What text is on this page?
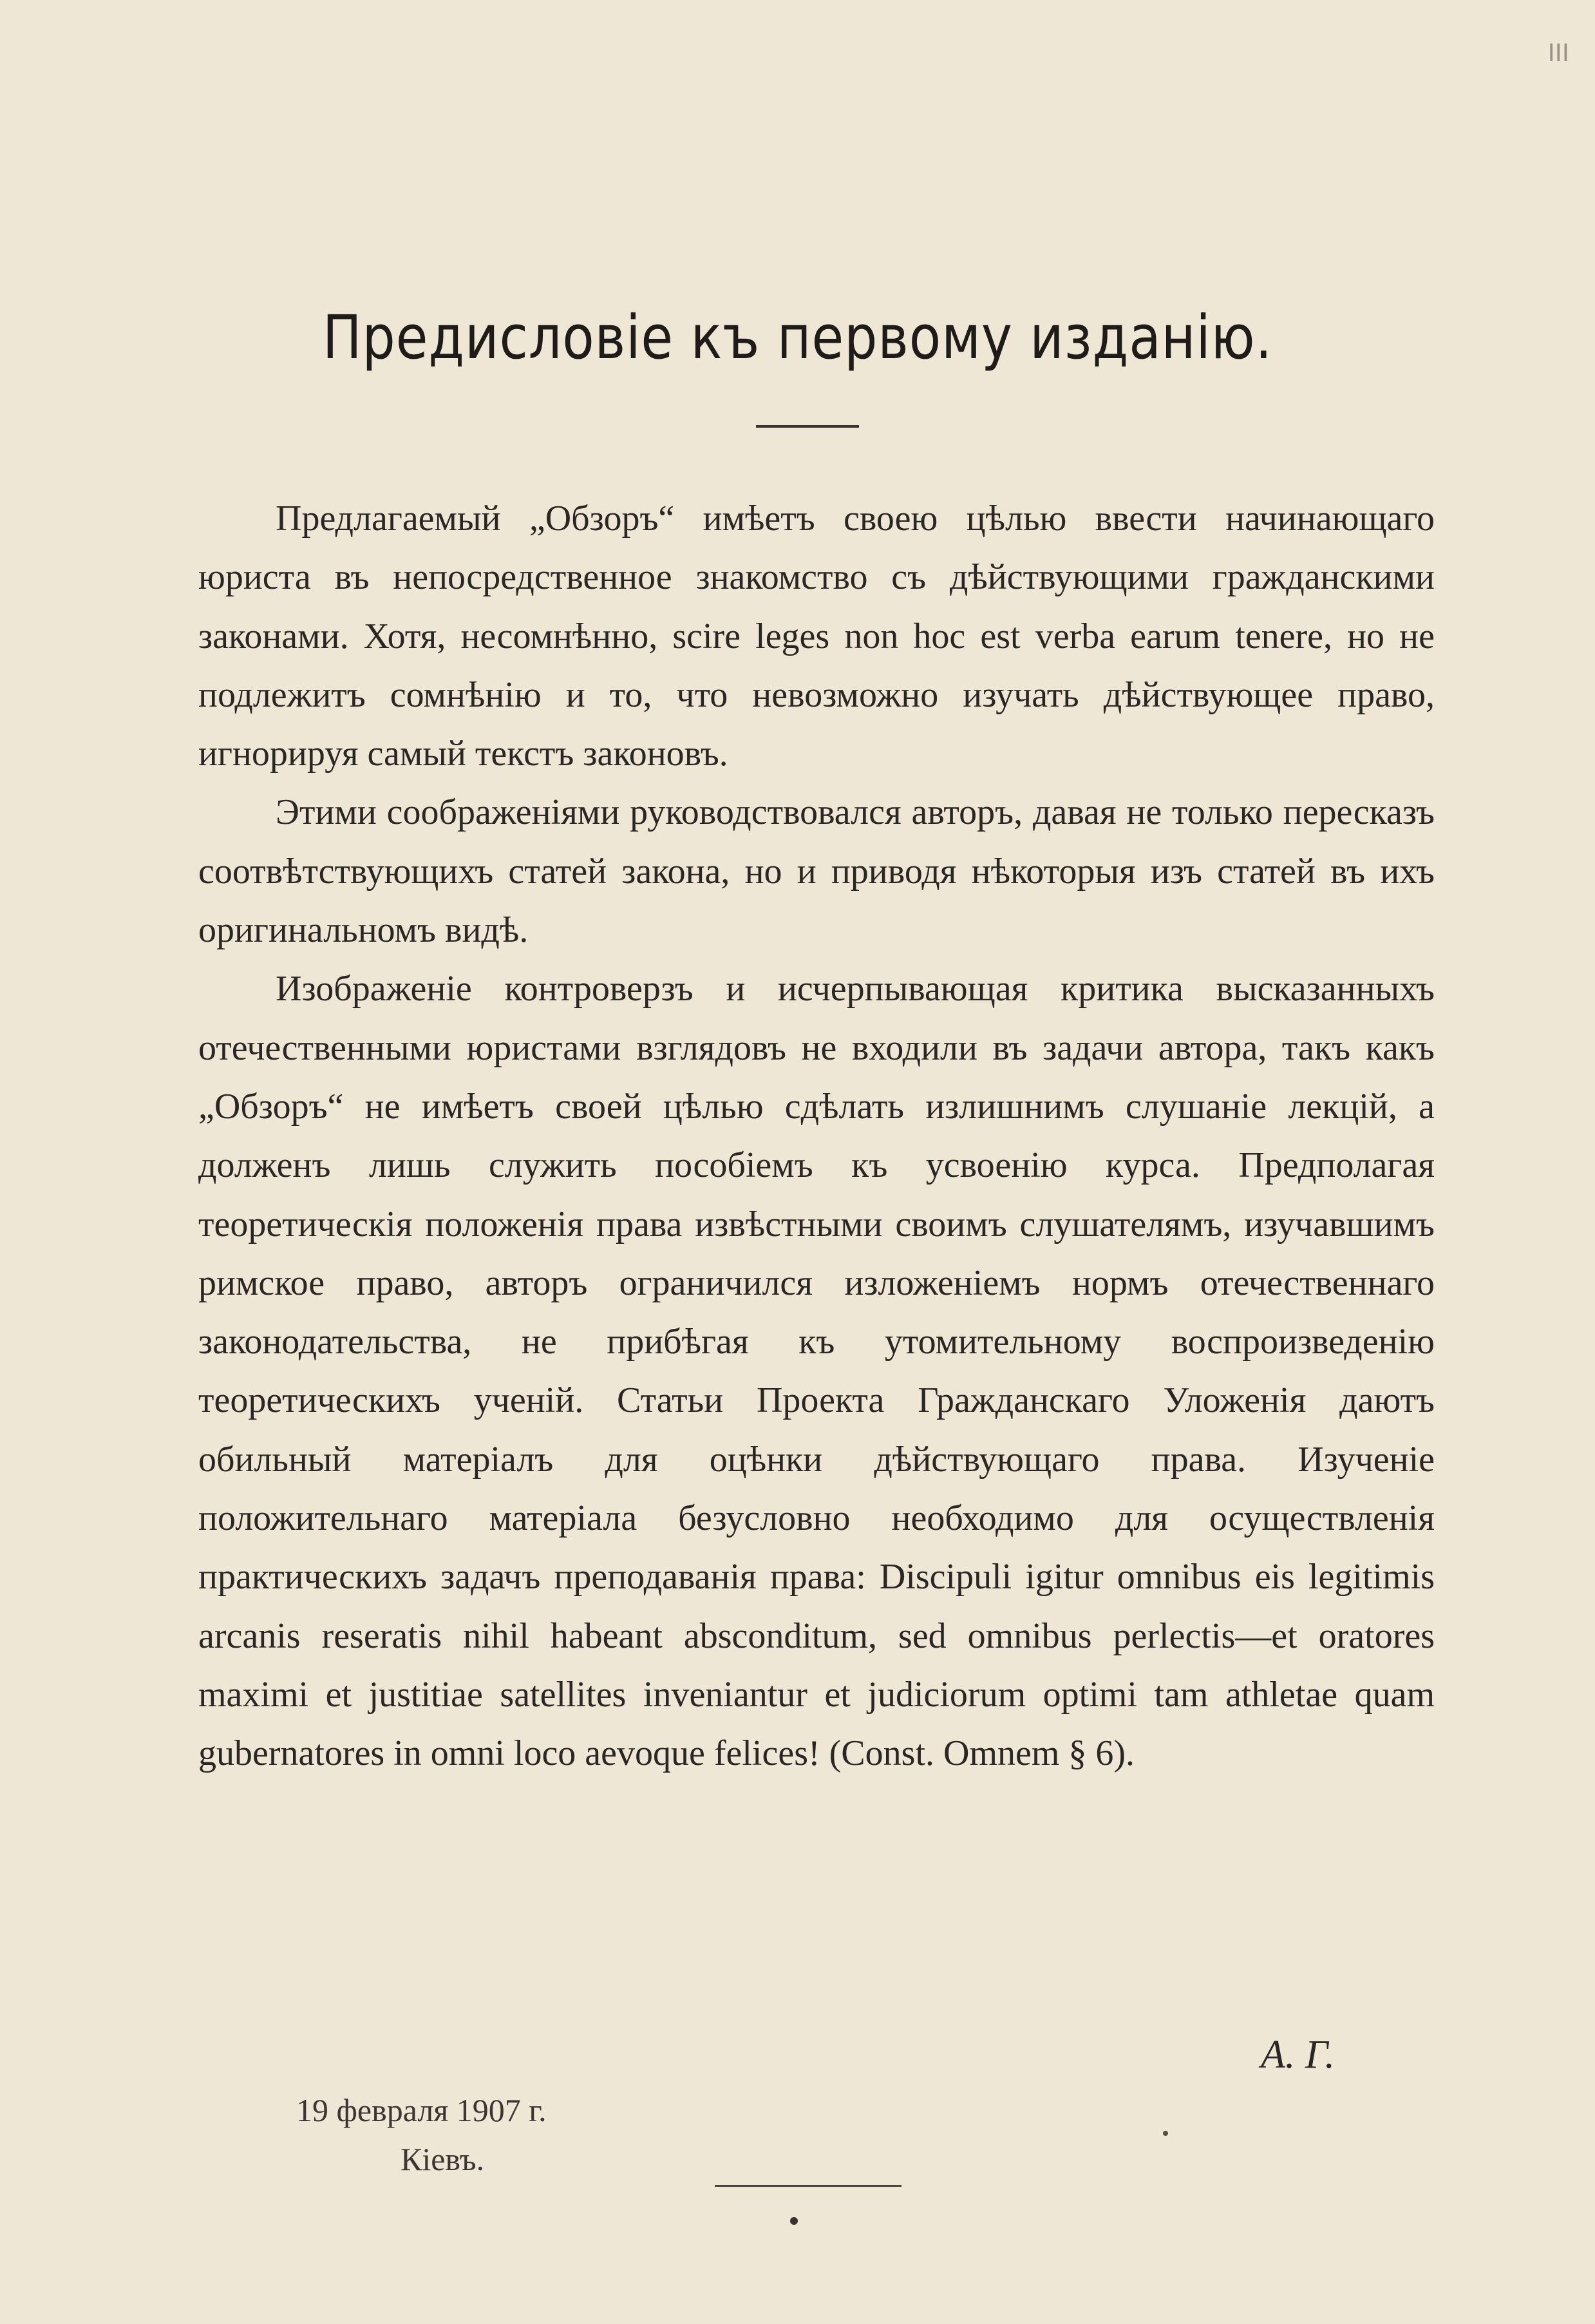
III
Предисловіе къ первому изданію.

Предлагаемый „Обзоръ“ имѣетъ своею цѣлью ввести начинающаго юриста въ непосредственное знакомство съ дѣйствующими гражданскими законами. Хотя, несомнѣнно, scire leges non hoc est verba earum tenere, но не подлежитъ сомнѣнію и то, что невозможно изучать дѣйствующее право, игнорируя самый текстъ законовъ.

Этими соображеніями руководствовался авторъ, давая не только пересказъ соотвѣтствующихъ статей закона, но и приводя нѣкоторыя изъ статей въ ихъ оригинальномъ видѣ.

Изображеніе контроверзъ и исчерпывающая критика высказанныхъ отечественными юристами взглядовъ не входили въ задачи автора, такъ какъ „Обзоръ“ не имѣетъ своей цѣлью сдѣлать излишнимъ слушаніе лекцій, а долженъ лишь служить пособіемъ къ усвоенію курса. Предполагая теоретическія положенія права извѣстными своимъ слушателямъ, изучавшимъ римское право, авторъ ограничился изложеніемъ нормъ отечественнаго законодательства, не прибѣгая къ утомительному воспроизведенію теоретическихъ ученій. Статьи Проекта Гражданскаго Уложенія даютъ обильный матеріалъ для оцѣнки дѣйствующаго права. Изученіе положительнаго матеріала безусловно необходимо для осуществленія практическихъ задачъ преподаванія права: Discipuli igitur omnibus eis legitimis arcanis reseratis nihil habeant absconditum, sed omnibus perlectis—et oratores maximi et justitiae satellites inveniantur et judiciorum optimi tam athletae quam gubernatores in omni loco aevoque felices! (Const. Omnem § 6).

А. Г.
19 февраля 1907 г.
Кіевъ.
